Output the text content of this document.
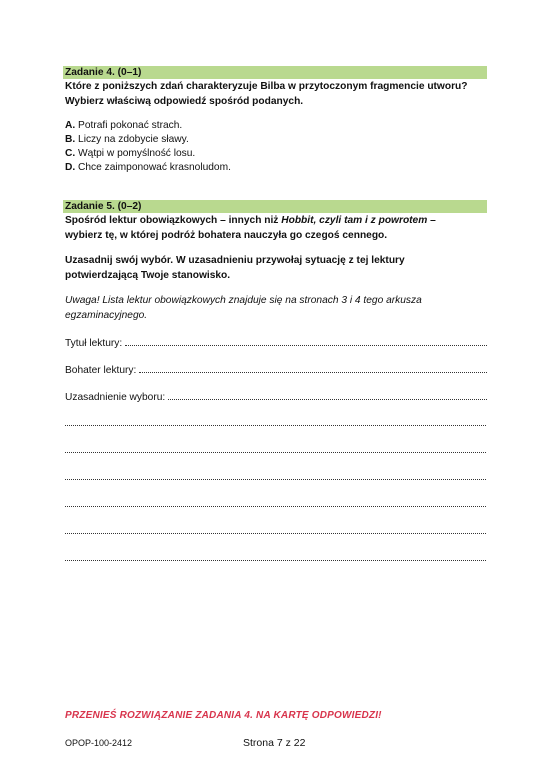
Zadanie 4. (0–1)
Które z poniższych zdań charakteryzuje Bilba w przytoczonym fragmencie utworu?
Wybierz właściwą odpowiedź spośród podanych.
A. Potrafi pokonać strach.
B. Liczy na zdobycie sławy.
C. Wątpi w pomyślność losu.
D. Chce zaimponować krasnoludom.
Zadanie 5. (0–2)
Spośród lektur obowiązkowych – innych niż Hobbit, czyli tam i z powrotem –
wybierz tę, w której podróż bohatera nauczyła go czegoś cennego.
Uzasadnij swój wybór. W uzasadnieniu przywołaj sytuację z tej lektury
potwierdzającą Twoje stanowisko.
Uwaga! Lista lektur obowiązkowych znajduje się na stronach 3 i 4 tego arkusza
egzaminacyjnego.
Tytuł lektury:
Bohater lektury:
Uzasadnienie wyboru:
PRZENIEŚ ROZWIĄZANIE ZADANIA 4. NA KARTĘ ODPOWIEDZI!
OPOP-100-2412	Strona 7 z 22
